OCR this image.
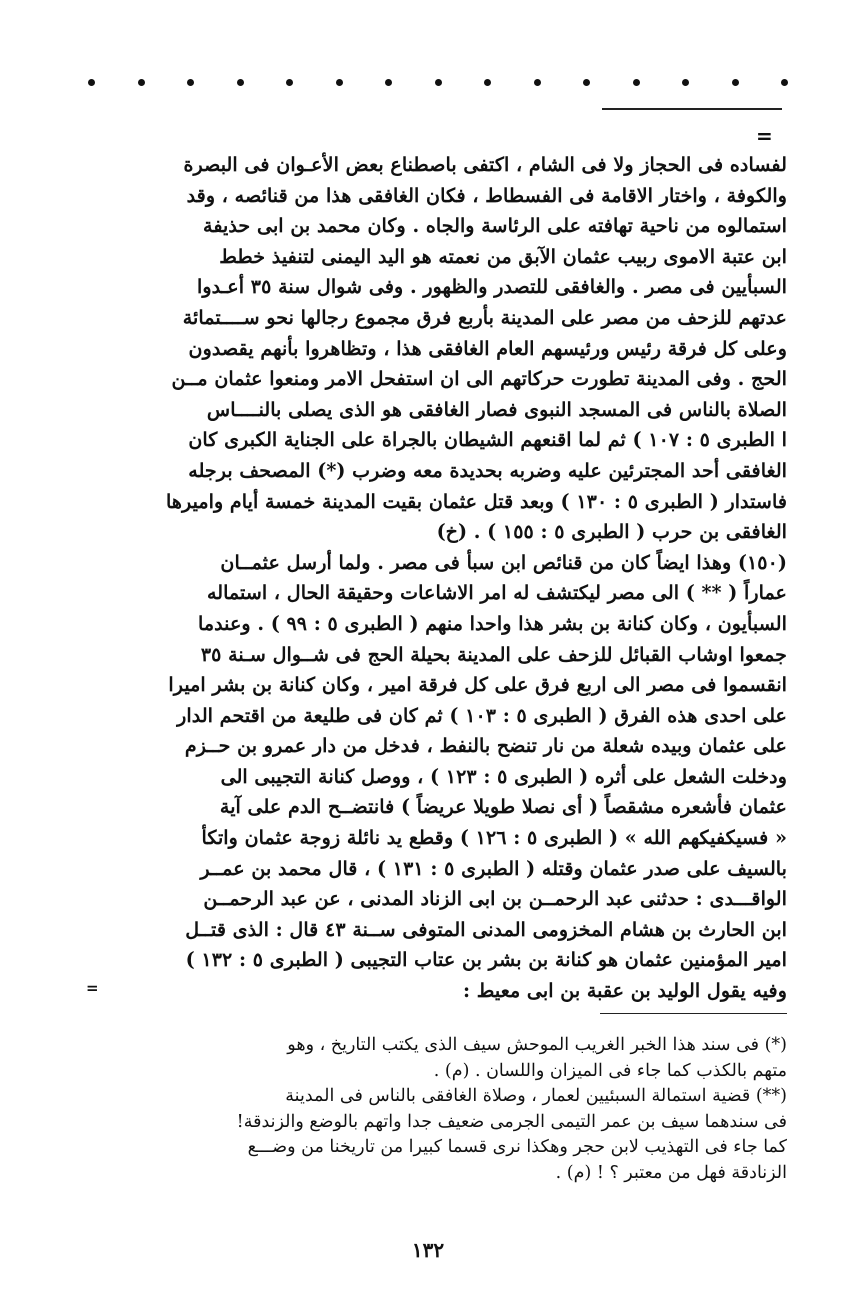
=
لفساده فى الحجاز ولا فى الشام ، اكتفى باصطناع بعض الأعـوان فى البصرة
والكوفة ، واختار الاقامة فى الفسطاط ، فكان الغافقى هذا من قنائصه ، وقد
استمالوه من ناحية تهافته على الرئاسة والجاه . وكان محمد بن ابى حذيفة
ابن عتبة الاموى ربيب عثمان الآبق من نعمته هو اليد اليمنى لتنفيذ خطط
السبأيين فى مصر . والغافقى للتصدر والظهور . وفى شوال سنة ٣٥ أعـدوا
عدتهم للزحف من مصر على المدينة بأربع فرق مجموع رجالها نحو ســــتمائة
وعلى كل فرقة رئيس ورئيسهم العام الغافقى هذا ، وتظاهروا بأنهم يقصدون
الحج . وفى المدينة تطورت حركاتهم الى ان استفحل الامر ومنعوا عثمان مــن
الصلاة بالناس فى المسجد النبوى فصار الغافقى هو الذى يصلى بالنــــاس
ا الطبرى ٥ : ١٠٧ ) ثم لما اقنعهم الشيطان بالجراة على الجناية الكبرى كان
الغافقى أحد المجترئين عليه وضربه بحديدة معه وضرب (*) المصحف برجله
فاستدار ( الطبرى ٥ : ١٣٠ ) وبعد قتل عثمان بقيت المدينة خمسة أيام واميرها
الغافقى بن حرب ( الطبرى ٥ : ١٥٥ ) . (خ)
(١٥٠) وهذا ايضاً كان من قنائص ابن سبأ فى مصر . ولما أرسل عثمــان
عماراً ( ** ) الى مصر ليكتشف له امر الاشاعات وحقيقة الحال ، استماله
السبأيون ، وكان كنانة بن بشر هذا واحدا منهم ( الطبرى ٥ : ٩٩ ) . وعندما
جمعوا اوشاب القبائل للزحف على المدينة بحيلة الحج فى شــوال سـنة ٣٥
انقسموا فى مصر الى اربع فرق على كل فرقة امير ، وكان كنانة بن بشر اميرا
على احدى هذه الفرق ( الطبرى ٥ : ١٠٣ ) ثم كان فى طليعة من اقتحم الدار
على عثمان وبيده شعلة من نار تنضح بالنفط ، فدخل من دار عمرو بن حــزم
ودخلت الشعل على أثره ( الطبرى ٥ : ١٢٣ ) ، ووصل كنانة التجيبى الى
عثمان فأشعره مشقصاً ( أى نصلا طويلا عريضاً ) فانتضــح الدم على آية
« فسيكفيكهم الله » ( الطبرى ٥ : ١٢٦ ) وقطع يد نائلة زوجة عثمان واتكأ
بالسيف على صدر عثمان وقتله ( الطبرى ٥ : ١٣١ ) ، قال محمد بن عمــر
الواقـــدى : حدثنى عبد الرحمــن بن ابى الزناد المدنى ، عن عبد الرحمــن
ابن الحارث بن هشام المخزومى المدنى المتوفى ســنة ٤٣ قال : الذى قتــل
امير المؤمنين عثمان هو كنانة بن بشر بن عتاب التجيبى ( الطبرى ٥ : ١٣٢ )
وفيه يقول الوليد بن عقبة بن ابى معيط :
=
(*) فى سند هذا الخبر الغريب الموحش سيف الذى يكتب التاريخ ، وهو
متهم بالكذب كما جاء فى الميزان واللسان . (م) .
(**) قضية استمالة السبئيين لعمار ، وصلاة الغافقى بالناس فى المدينة
فى سندهما سيف بن عمر التيمى الجرمى ضعيف جدا واتهم بالوضع والزندقة!
كما جاء فى التهذيب لابن حجر وهكذا نرى قسما كبيرا من تاريخنا من وضـــع
الزنادقة فهل من معتبر ؟ ! (م) .
١٣٢
